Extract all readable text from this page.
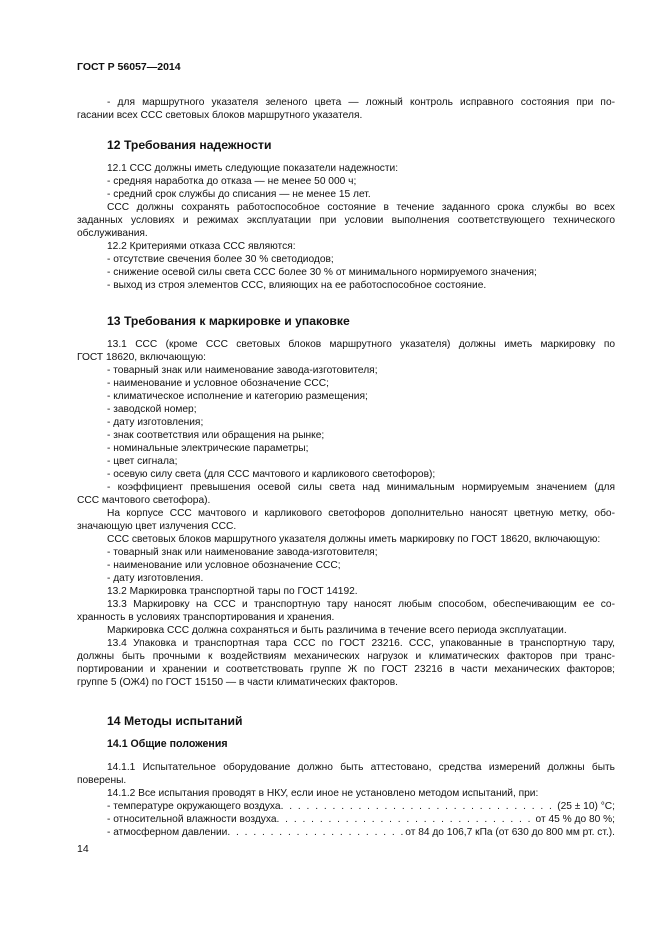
ГОСТ Р 56057—2014
- для маршрутного указателя зеленого цвета — ложный контроль исправного состояния при по-
гасании всех ССС световых блоков маршрутного указателя.
12 Требования надежности
12.1 ССС должны иметь следующие показатели надежности:
- средняя наработка до отказа — не менее 50 000 ч;
- средний срок службы до списания — не менее 15 лет.
ССС должны сохранять работоспособное состояние в течение заданного срока службы во всех
заданных условиях и режимах эксплуатации при условии выполнения соответствующего технического
обслуживания.
12.2 Критериями отказа ССС являются:
- отсутствие свечения более 30 % светодиодов;
- снижение осевой силы света ССС более 30 % от минимального нормируемого значения;
- выход из строя элементов ССС, влияющих на ее работоспособное состояние.
13 Требования к маркировке и упаковке
13.1 ССС (кроме ССС световых блоков маршрутного указателя) должны иметь маркировку по
ГОСТ 18620, включающую:
- товарный знак или наименование завода-изготовителя;
- наименование и условное обозначение ССС;
- климатическое исполнение и категорию размещения;
- заводской номер;
- дату изготовления;
- знак соответствия или обращения на рынке;
- номинальные электрические параметры;
- цвет сигнала;
- осевую силу света (для ССС мачтового и карликового светофоров);
- коэффициент превышения осевой силы света над минимальным нормируемым значением (для
ССС мачтового светофора).
На корпусе ССС мачтового и карликового светофоров дополнительно наносят цветную метку, обо-
значающую цвет излучения ССС.
ССС световых блоков маршрутного указателя должны иметь маркировку по ГОСТ 18620, включающую:
- товарный знак или наименование завода-изготовителя;
- наименование или условное обозначение ССС;
- дату изготовления.
13.2 Маркировка транспортной тары по ГОСТ 14192.
13.3 Маркировку на ССС и транспортную тару наносят любым способом, обеспечивающим ее со-
хранность в условиях транспортирования и хранения.
Маркировка ССС должна сохраняться и быть различима в течение всего периода эксплуатации.
13.4 Упаковка и транспортная тара ССС по ГОСТ 23216. ССС, упакованные в транспортную тару,
должны быть прочными к воздействиям механических нагрузок и климатических факторов при транс-
портировании и хранении и соответствовать группе Ж по ГОСТ 23216 в части механических факторов;
группе 5 (ОЖ4) по ГОСТ 15150 — в части климатических факторов.
14 Методы испытаний
14.1 Общие положения
14.1.1 Испытательное оборудование должно быть аттестовано, средства измерений должны быть
поверены.
14.1.2 Все испытания проводят в НКУ, если иное не установлено методом испытаний, при:
- температуре окружающего воздуха . . .	(25 ± 10) °С;
- относительной влажности воздуха . . .	от 45 % до 80 %;
- атмосферном давлении . . .	от 84 до 106,7 кПа (от 630 до 800 мм рт. ст.).
14
